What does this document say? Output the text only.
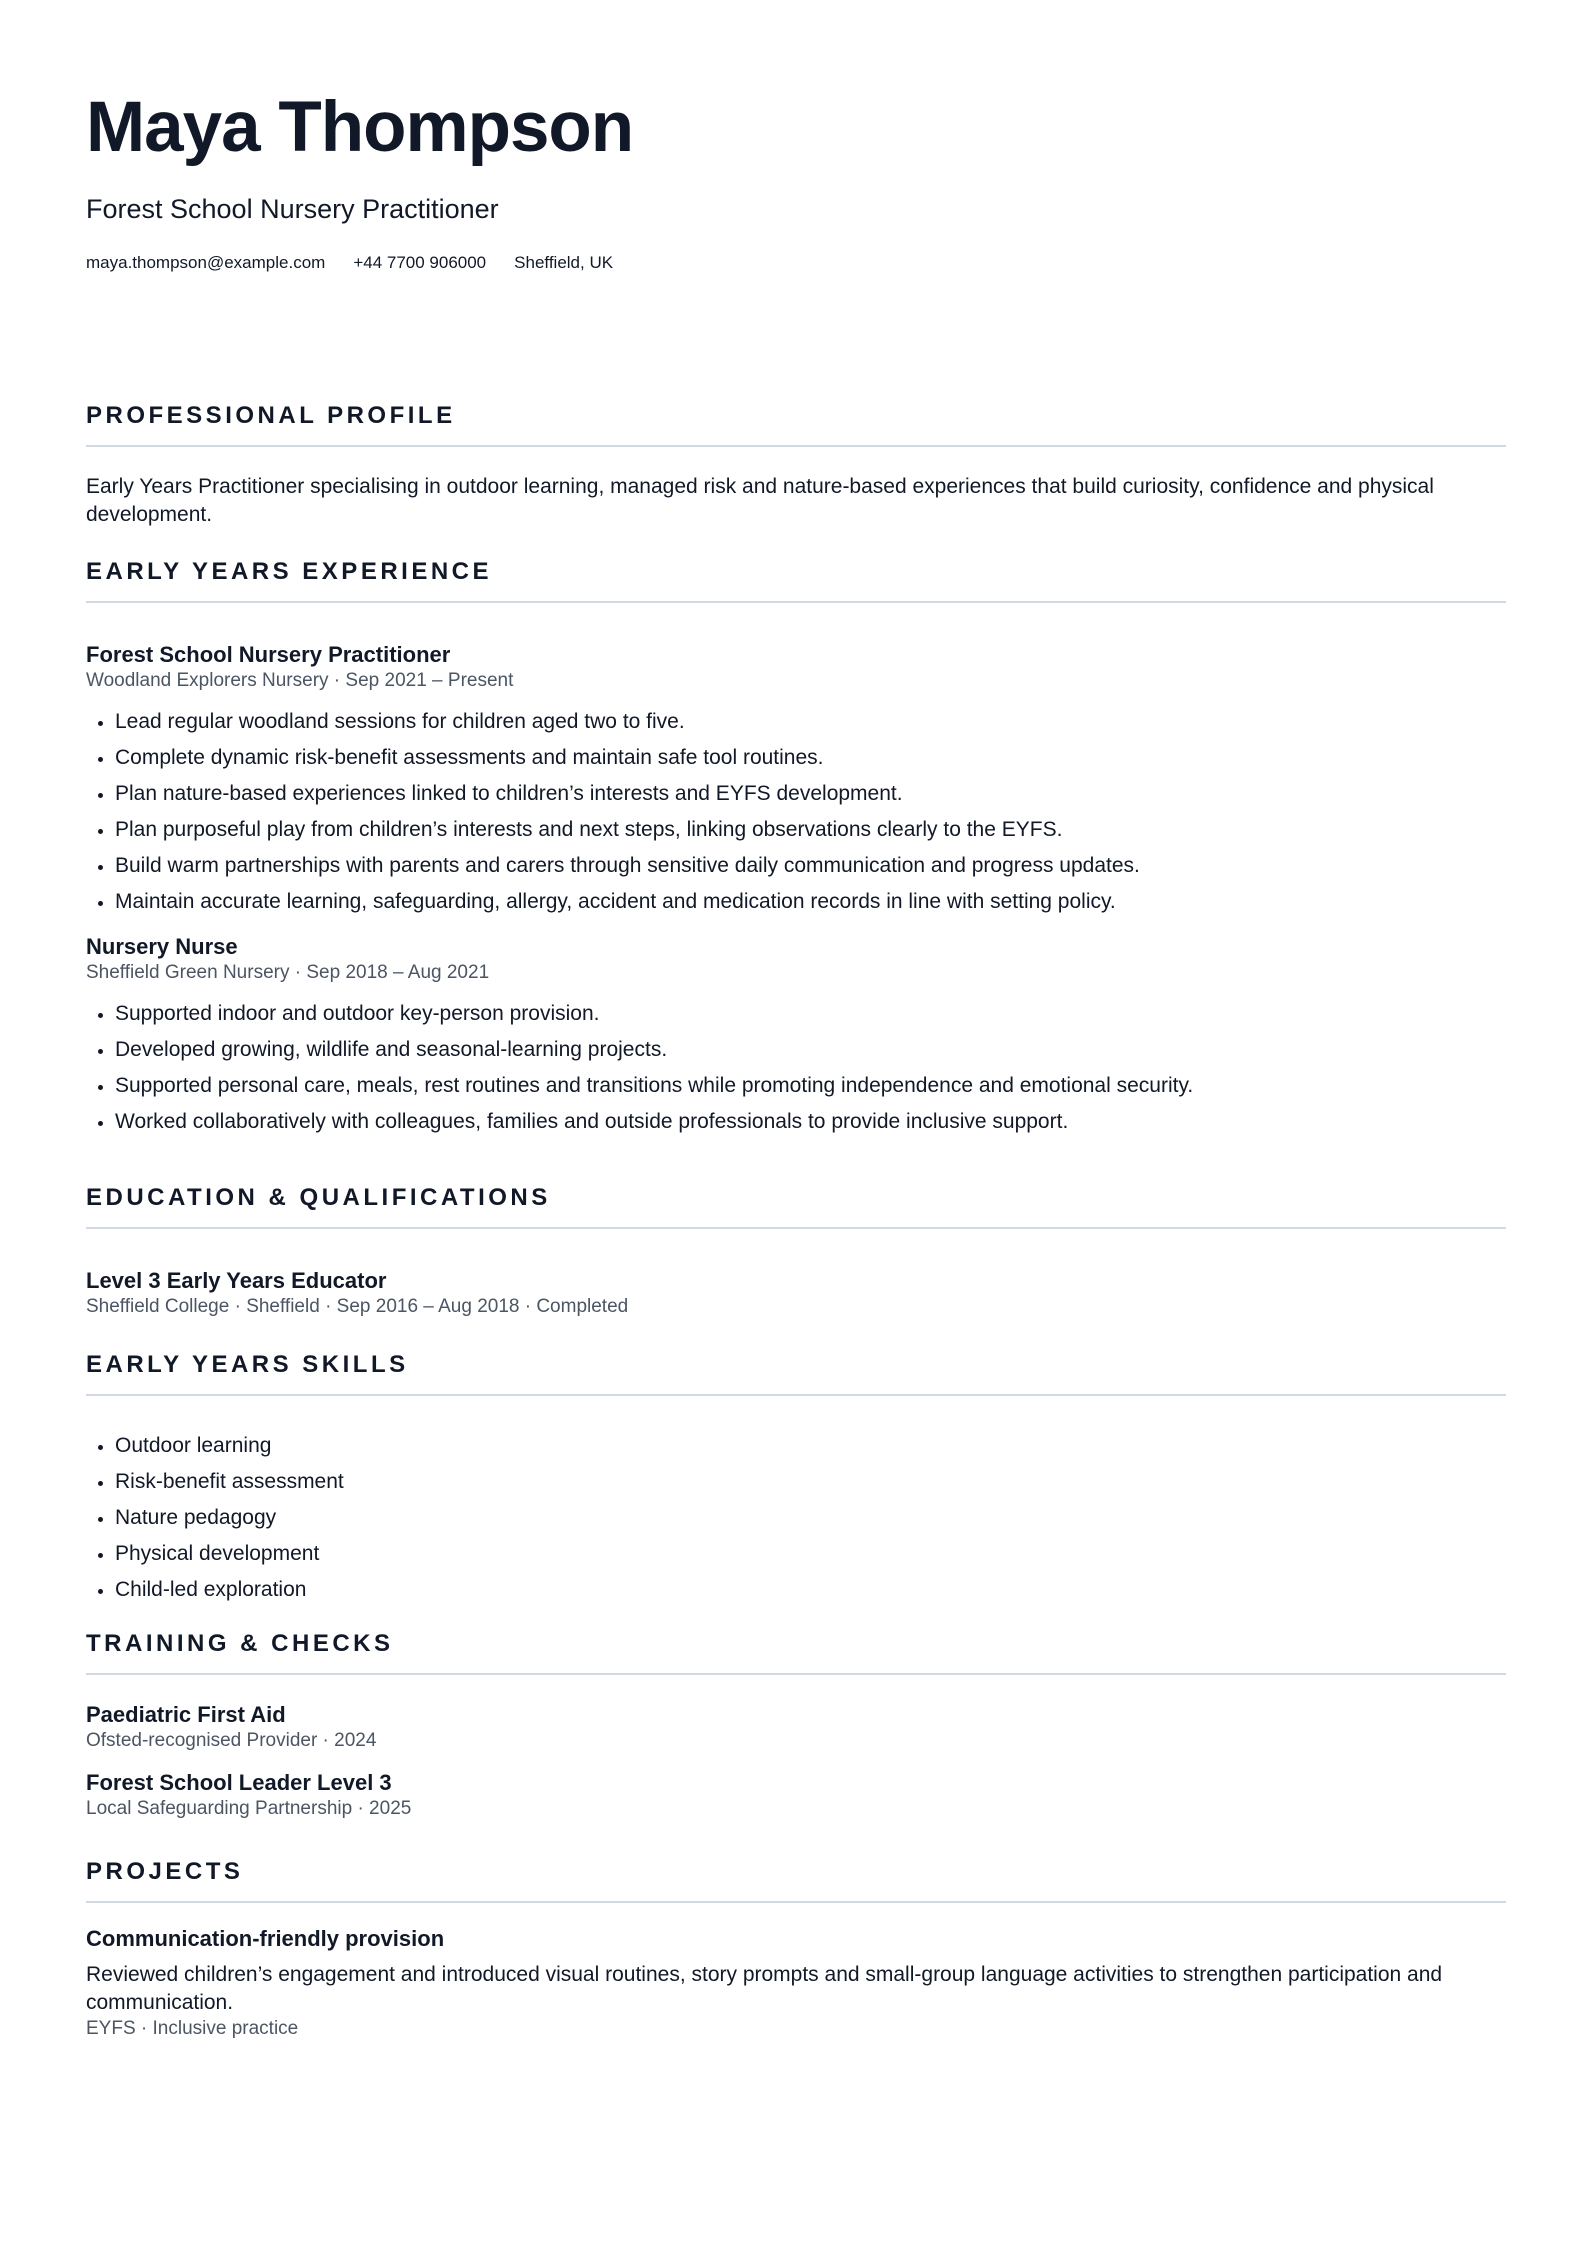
Maya Thompson
Forest School Nursery Practitioner
maya.thompson@example.com +44 7700 906000 Sheffield, UK
PROFESSIONAL PROFILE
Early Years Practitioner specialising in outdoor learning, managed risk and nature-based experiences that build curiosity, confidence and physical development.
EARLY YEARS EXPERIENCE
Forest School Nursery Practitioner
Woodland Explorers Nursery · Sep 2021 – Present
• Lead regular woodland sessions for children aged two to five.
• Complete dynamic risk-benefit assessments and maintain safe tool routines.
• Plan nature-based experiences linked to children’s interests and EYFS development.
• Plan purposeful play from children’s interests and next steps, linking observations clearly to the EYFS.
• Build warm partnerships with parents and carers through sensitive daily communication and progress updates.
• Maintain accurate learning, safeguarding, allergy, accident and medication records in line with setting policy.
Nursery Nurse
Sheffield Green Nursery · Sep 2018 – Aug 2021
• Supported indoor and outdoor key-person provision.
• Developed growing, wildlife and seasonal-learning projects.
• Supported personal care, meals, rest routines and transitions while promoting independence and emotional security.
• Worked collaboratively with colleagues, families and outside professionals to provide inclusive support.
EDUCATION & QUALIFICATIONS
Level 3 Early Years Educator
Sheffield College · Sheffield · Sep 2016 – Aug 2018 · Completed
EARLY YEARS SKILLS
• Outdoor learning
• Risk-benefit assessment
• Nature pedagogy
• Physical development
• Child-led exploration
TRAINING & CHECKS
Paediatric First Aid
Ofsted-recognised Provider · 2024
Forest School Leader Level 3
Local Safeguarding Partnership · 2025
PROJECTS
Communication-friendly provision
Reviewed children’s engagement and introduced visual routines, story prompts and small-group language activities to strengthen participation and communication.
EYFS · Inclusive practice
